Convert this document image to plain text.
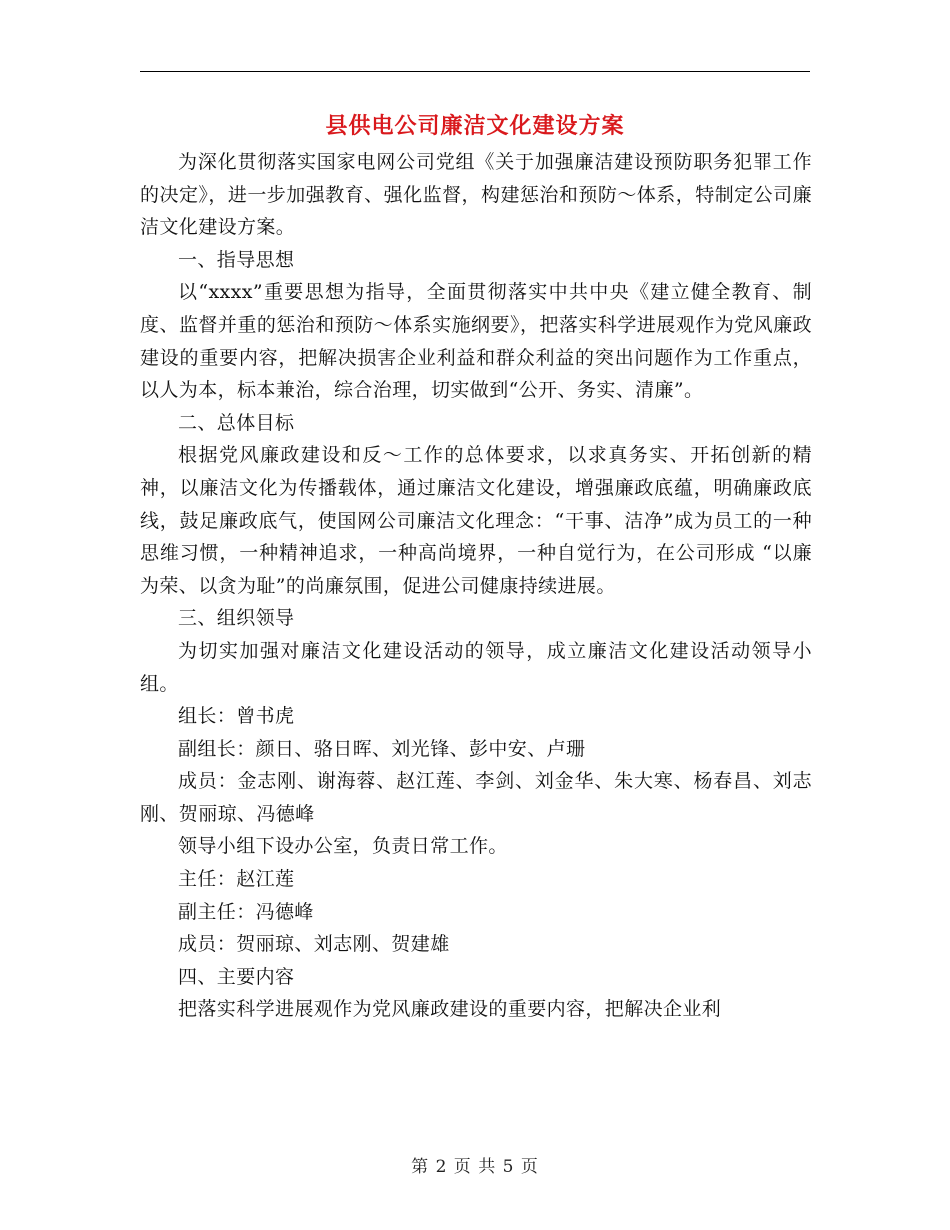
县供电公司廉洁文化建设方案

为深化贯彻落实国家电网公司党组《关于加强廉洁建设预防职务犯罪工作的决定》，进一步加强教育、强化监督，构建惩治和预防～体系，特制定公司廉洁文化建设方案。

一、指导思想

以“xxxx”重要思想为指导，全面贯彻落实中共中央《建立健全教育、制度、监督并重的惩治和预防～体系实施纲要》，把落实科学进展观作为党风廉政建设的重要内容，把解决损害企业利益和群众利益的突出问题作为工作重点，以人为本，标本兼治，综合治理，切实做到“公开、务实、清廉”。

二、总体目标

根据党风廉政建设和反～工作的总体要求，以求真务实、开拓创新的精神，以廉洁文化为传播载体，通过廉洁文化建设，增强廉政底蕴，明确廉政底线，鼓足廉政底气，使国网公司廉洁文化理念：“干事、洁净”成为员工的一种思维习惯，一种精神追求，一种高尚境界，一种自觉行为，在公司形成 “以廉为荣、以贪为耻”的尚廉氛围，促进公司健康持续进展。

三、组织领导

为切实加强对廉洁文化建设活动的领导，成立廉洁文化建设活动领导小组。

组长：曾书虎

副组长：颜日、骆日晖、刘光锋、彭中安、卢珊

成员：金志刚、谢海蓉、赵江莲、李剑、刘金华、朱大寒、杨春昌、刘志刚、贺丽琼、冯德峰

领导小组下设办公室，负责日常工作。

主任：赵江莲

副主任：冯德峰

成员：贺丽琼、刘志刚、贺建雄

四、主要内容

把落实科学进展观作为党风廉政建设的重要内容，把解决企业利

第 2 页 共 5 页
